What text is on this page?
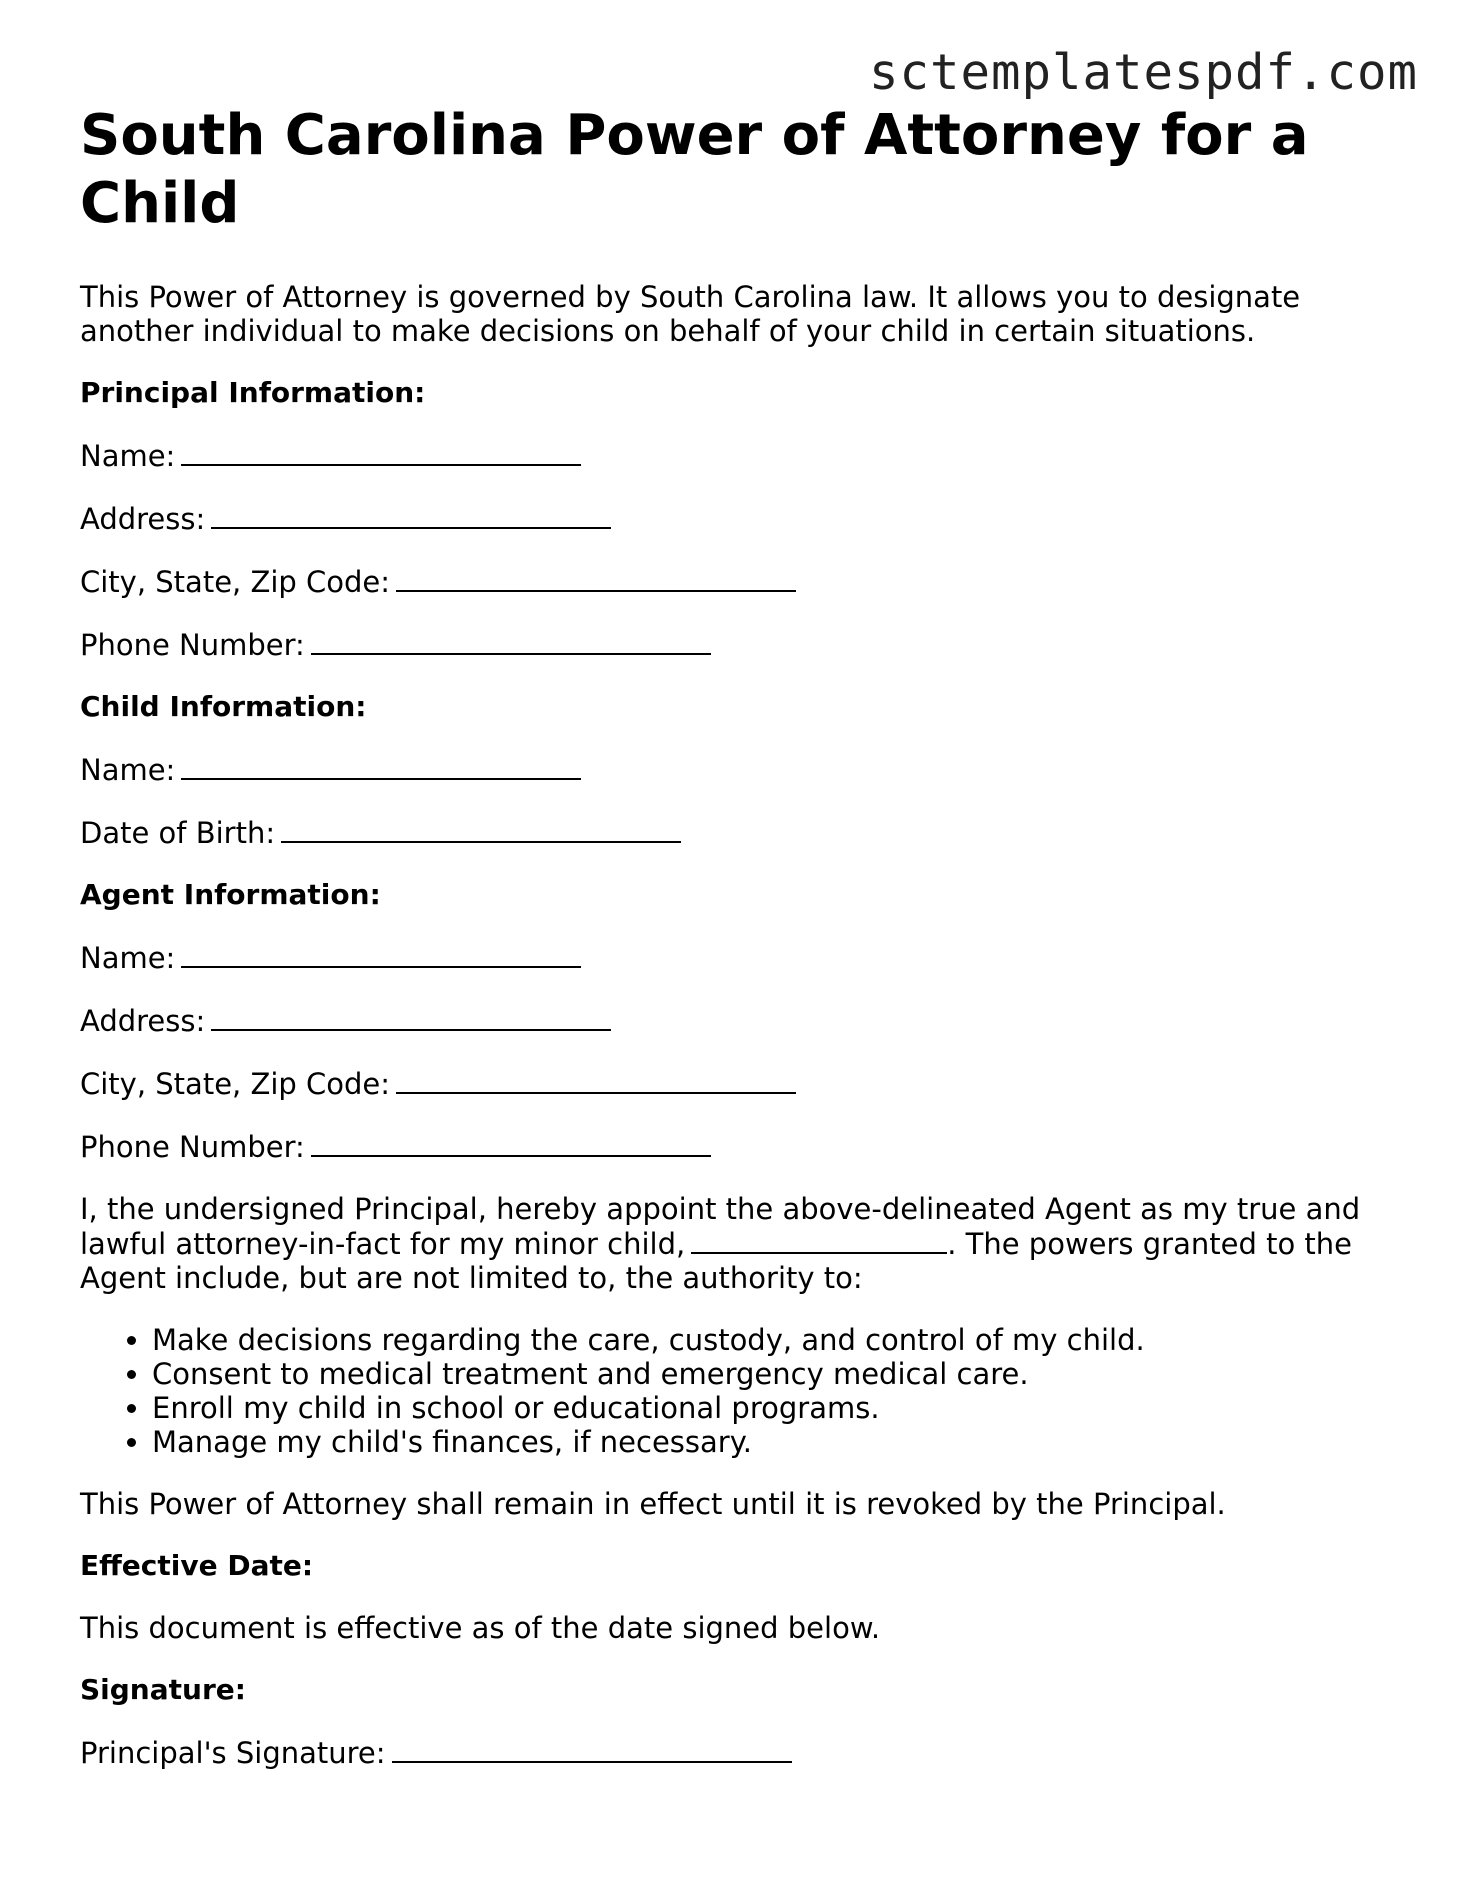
sctemplatespdf.com
South Carolina Power of Attorney for a Child

This Power of Attorney is governed by South Carolina law. It allows you to designate another individual to make decisions on behalf of your child in certain situations.

Principal Information:
Name:
Address:
City, State, Zip Code:
Phone Number:
Child Information:
Name:
Date of Birth:
Agent Information:
Name:
Address:
City, State, Zip Code:
Phone Number:

I, the undersigned Principal, hereby appoint the above-delineated Agent as my true and lawful attorney-in-fact for my minor child,	. The powers granted to the Agent include, but are not limited to, the authority to:

• Make decisions regarding the care, custody, and control of my child.
• Consent to medical treatment and emergency medical care.
• Enroll my child in school or educational programs.
• Manage my child's finances, if necessary.

This Power of Attorney shall remain in effect until it is revoked by the Principal.

Effective Date:

This document is effective as of the date signed below.

Signature:
Principal's Signature:
